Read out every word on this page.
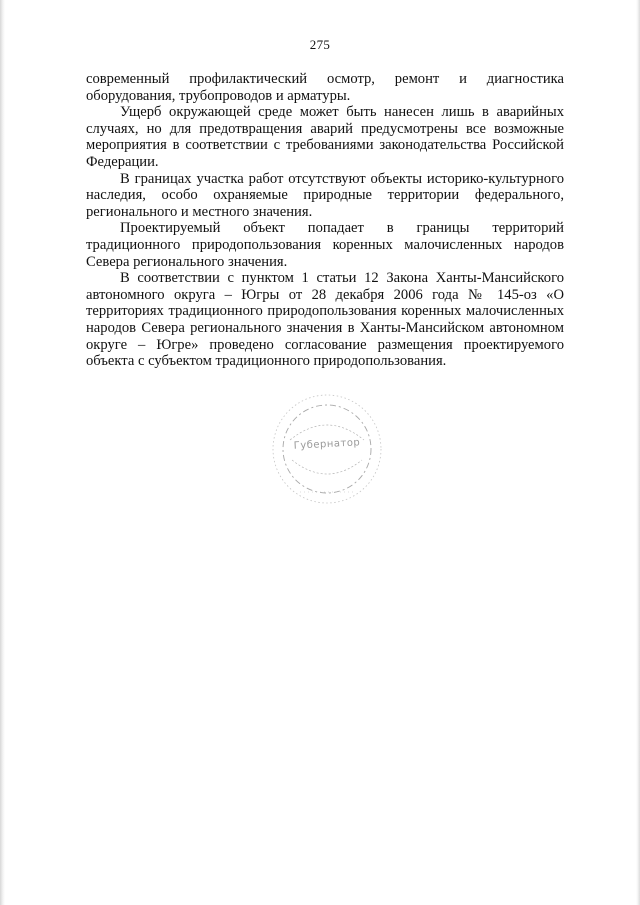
275

современный профилактический осмотр, ремонт и диагностика оборудования, трубопроводов и арматуры.

Ущерб окружающей среде может быть нанесен лишь в аварийных случаях, но для предотвращения аварий предусмотрены все возможные мероприятия в соответствии с требованиями законодательства Российской Федерации.

В границах участка работ отсутствуют объекты историко-культурного наследия, особо охраняемые природные территории федерального, регионального и местного значения.

Проектируемый объект попадает в границы территорий традиционного природопользования коренных малочисленных народов Севера регионального значения.

В соответствии с пунктом 1 статьи 12 Закона Ханты-Мансийского автономного округа – Югры от 28 декабря 2006 года № 145-оз «О территориях традиционного природопользования коренных малочисленных народов Севера регионального значения в Ханты-Мансийском автономном округе – Югре» проведено согласование размещения проектируемого объекта с субъектом традиционного природопользования.

Губернатор
